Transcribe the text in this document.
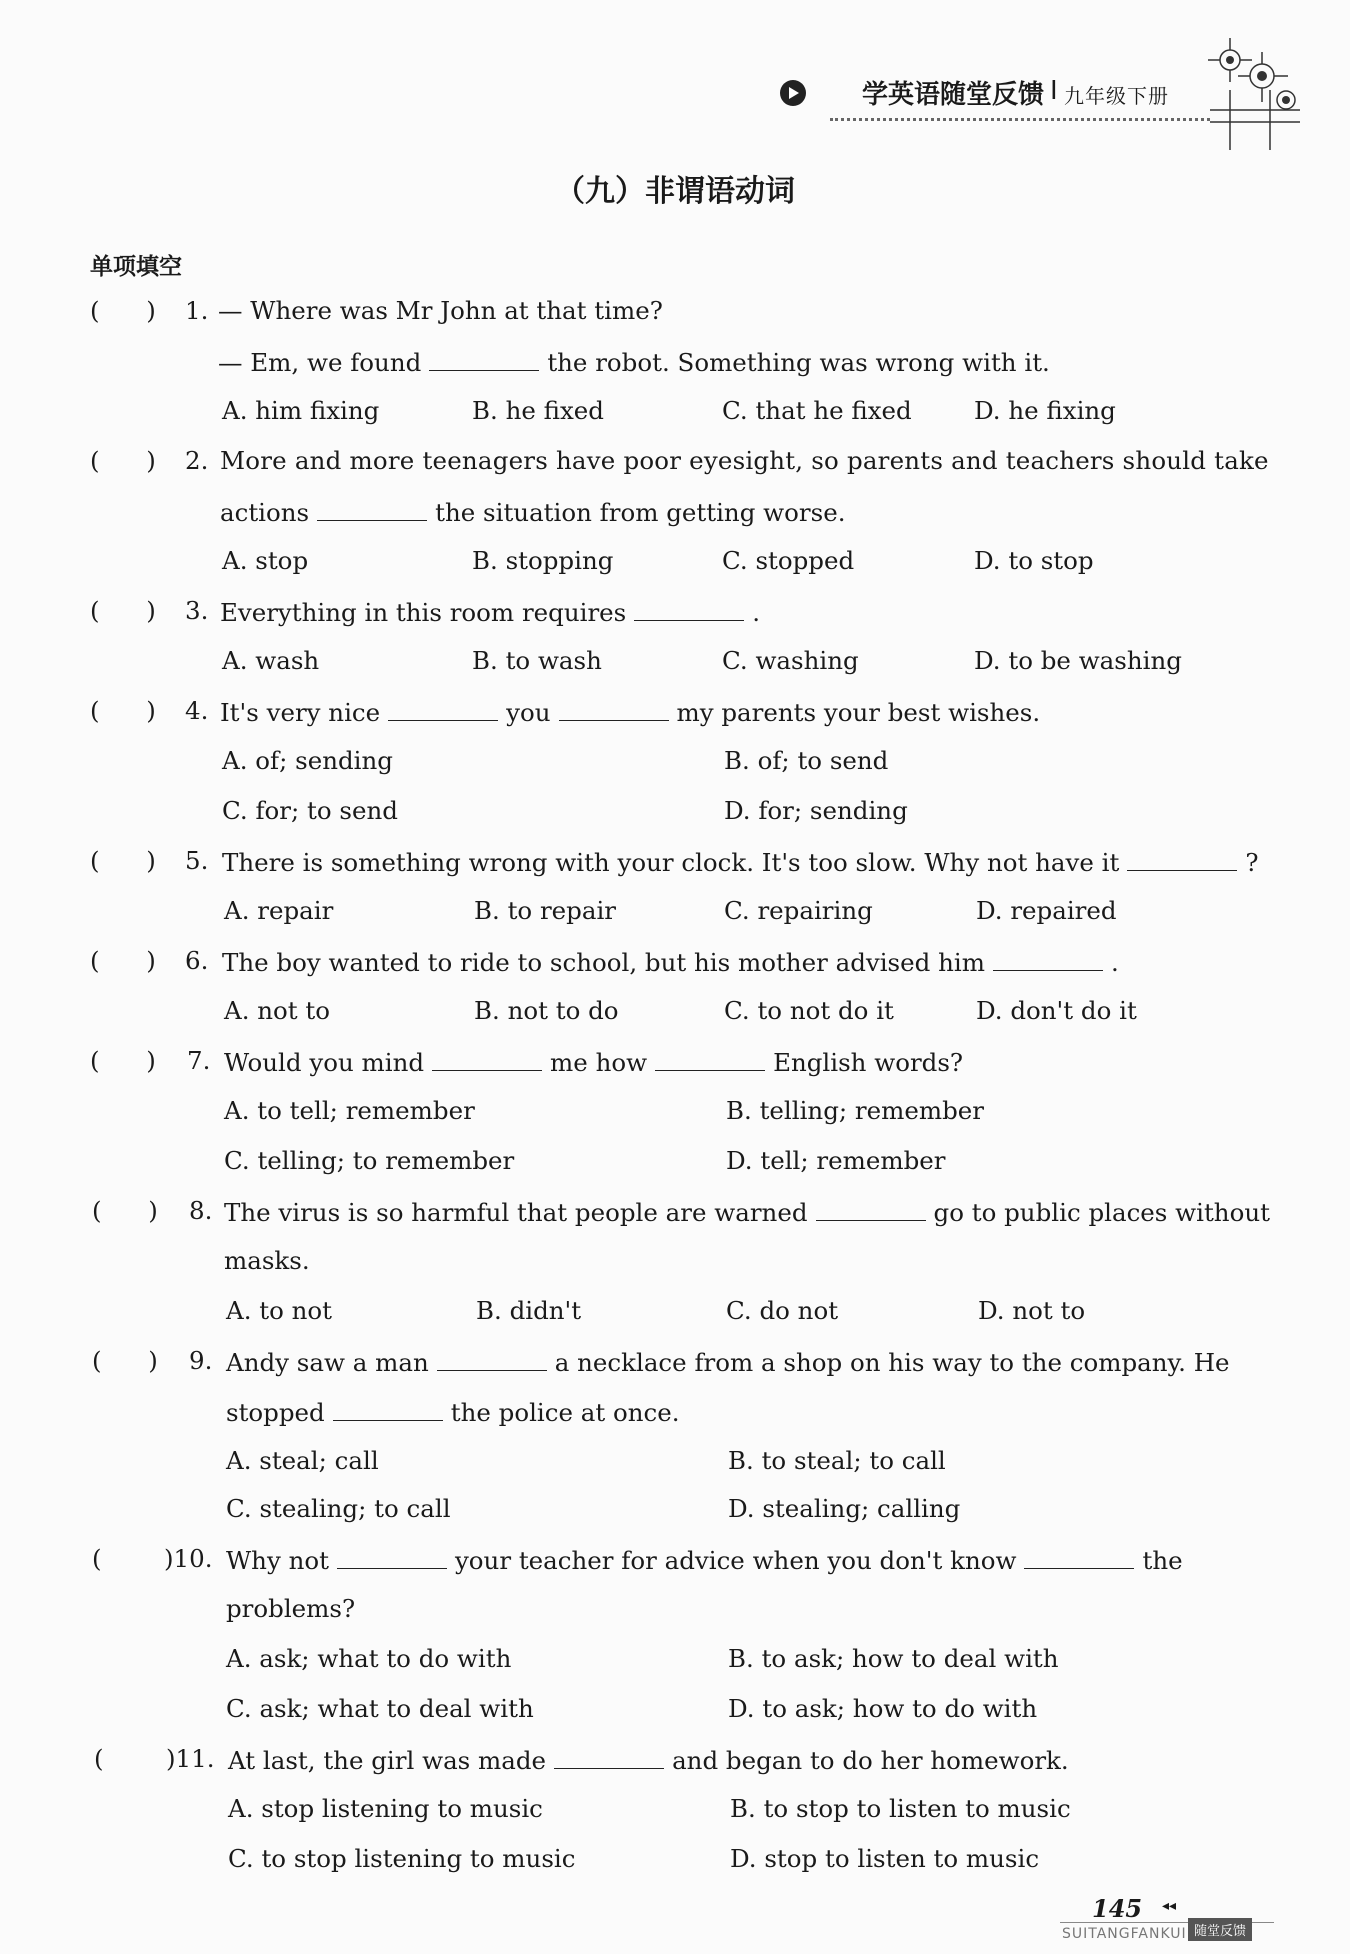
学英语随堂反馈 I 九年级下册
（九）非谓语动词
单项填空
(      ) 1. — Where was Mr John at that time?
— Em, we found	the robot. Something was wrong with it.
A. him fixing	B. he fixed	C. that he fixed	D. he fixing
(      ) 2. More and more teenagers have poor eyesight, so parents and teachers should take
actions	the situation from getting worse.
A. stop	B. stopping	C. stopped	D. to stop
(      ) 3. Everything in this room requires	.
A. wash	B. to wash	C. washing	D. to be washing
(      ) 4. It's very nice	you	my parents your best wishes.
A. of; sending	B. of; to send
C. for; to send	D. for; sending
(      ) 5. There is something wrong with your clock. It's too slow. Why not have it	?
A. repair	B. to repair	C. repairing	D. repaired
(      ) 6. The boy wanted to ride to school, but his mother advised him	.
A. not to	B. not to do	C. to not do it	D. don't do it
(      ) 7. Would you mind	me how	English words?
A. to tell; remember	B. telling; remember
C. telling; to remember	D. tell; remember
(      ) 8. The virus is so harmful that people are warned	go to public places without
masks.
A. to not	B. didn't	C. do not	D. not to
(      ) 9. Andy saw a man	a necklace from a shop on his way to the company. He
stopped	the police at once.
A. steal; call	B. to steal; to call
C. stealing; to call	D. stealing; calling
( )10. Why not	your teacher for advice when you don't know	the
problems?
A. ask; what to do with	B. to ask; how to deal with
C. ask; what to deal with	D. to ask; how to do with
( )11. At last, the girl was made	and began to do her homework.
A. stop listening to music	B. to stop to listen to music
C. to stop listening to music	D. stop to listen to music
145 ◂◂
SUITANGFANKUI 随堂反馈
